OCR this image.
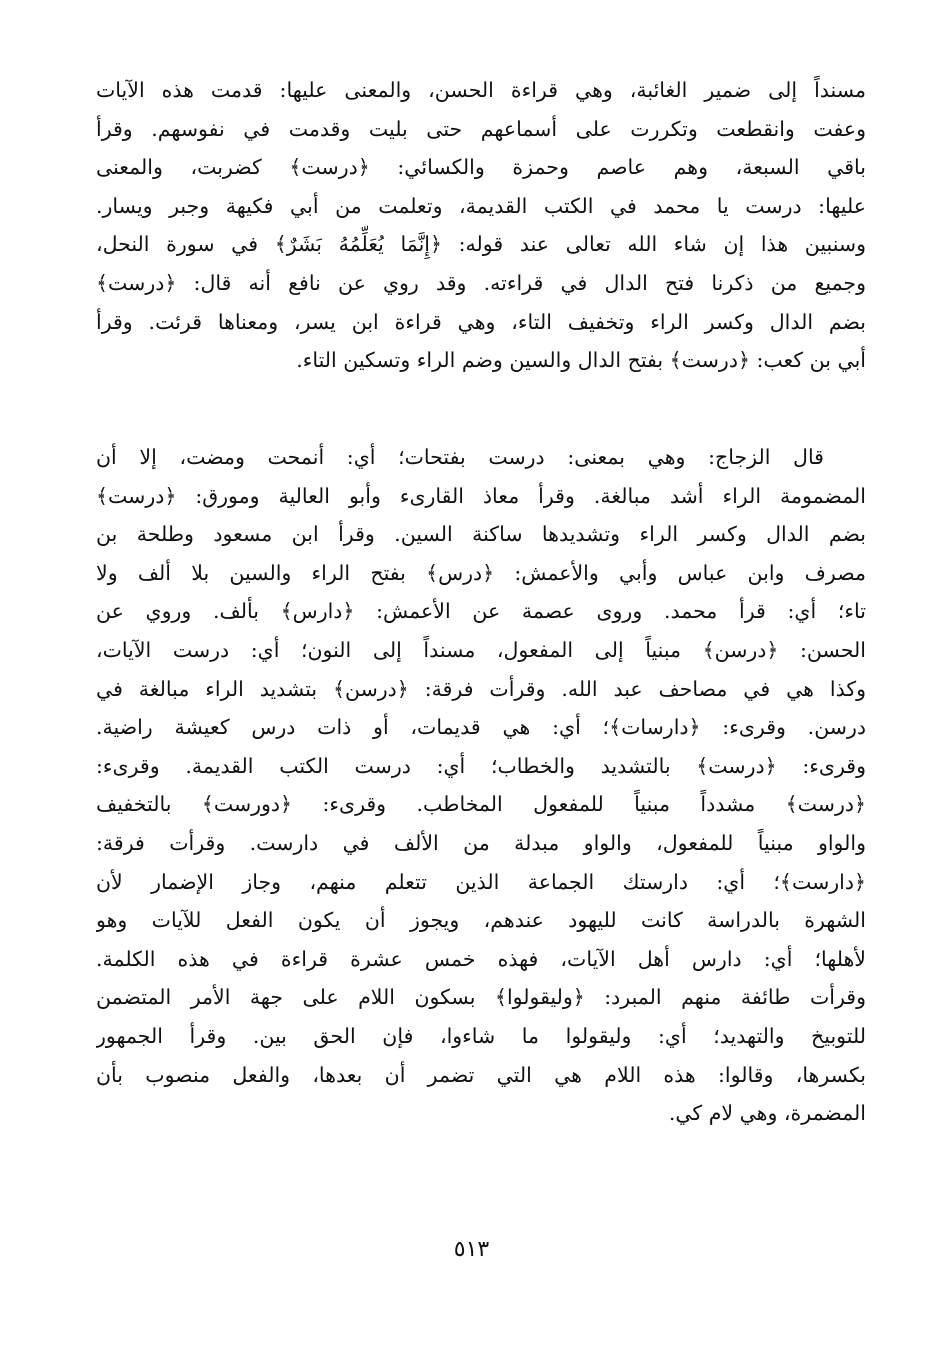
مسنداً إلى ضمير الغائبة، وهي قراءة الحسن، والمعنى عليها: قدمت هذه الآيات
وعفت وانقطعت وتكررت على أسماعهم حتى بليت وقدمت في نفوسهم. وقرأ
باقي السبعة، وهم عاصم وحمزة والكسائي: ﴿درست﴾ كضربت، والمعنى
عليها: درست يا محمد في الكتب القديمة، وتعلمت من أبي فكيهة وجبر ويسار.
وسنبين هذا إن شاء الله تعالى عند قوله: ﴿إِنَّمَا يُعَلِّمُهُ بَشَرٌ﴾ في سورة النحل،
وجميع من ذكرنا فتح الدال في قراءته. وقد روي عن نافع أنه قال: ﴿درست﴾
بضم الدال وكسر الراء وتخفيف التاء، وهي قراءة ابن يسر، ومعناها قرئت. وقرأ
أبي بن كعب: ﴿درست﴾ بفتح الدال والسين وضم الراء وتسكين التاء.
قال الزجاج: وهي بمعنى: درست بفتحات؛ أي: أنمحت ومضت، إلا أن
المضمومة الراء أشد مبالغة. وقرأ معاذ القارىء وأبو العالية ومورق: ﴿درست﴾
بضم الدال وكسر الراء وتشديدها ساكنة السين. وقرأ ابن مسعود وطلحة بن
مصرف وابن عباس وأبي والأعمش: ﴿درس﴾ بفتح الراء والسين بلا ألف ولا
تاء؛ أي: قرأ محمد. وروى عصمة عن الأعمش: ﴿دارس﴾ بألف. وروي عن
الحسن: ﴿درسن﴾ مبنياً إلى المفعول، مسنداً إلى النون؛ أي: درست الآيات،
وكذا هي في مصاحف عبد الله. وقرأت فرقة: ﴿درسن﴾ بتشديد الراء مبالغة في
درسن. وقرىء: ﴿دارسات﴾؛ أي: هي قديمات، أو ذات درس كعيشة راضية.
وقرىء: ﴿درست﴾ بالتشديد والخطاب؛ أي: درست الكتب القديمة. وقرىء:
﴿درست﴾ مشدداً مبنياً للمفعول المخاطب. وقرىء: ﴿دورست﴾ بالتخفيف
والواو مبنياً للمفعول، والواو مبدلة من الألف في دارست. وقرأت فرقة:
﴿دارست﴾؛ أي: دارستك الجماعة الذين تتعلم منهم، وجاز الإضمار لأن
الشهرة بالدراسة كانت لليهود عندهم، ويجوز أن يكون الفعل للآيات وهو
لأهلها؛ أي: دارس أهل الآيات، فهذه خمس عشرة قراءة في هذه الكلمة.
وقرأت طائفة منهم المبرد: ﴿وليقولوا﴾ بسكون اللام على جهة الأمر المتضمن
للتوبيخ والتهديد؛ أي: وليقولوا ما شاءوا، فإن الحق بين. وقرأ الجمهور
بكسرها، وقالوا: هذه اللام هي التي تضمر أن بعدها، والفعل منصوب بأن
المضمرة، وهي لام كي.
٥١٣
